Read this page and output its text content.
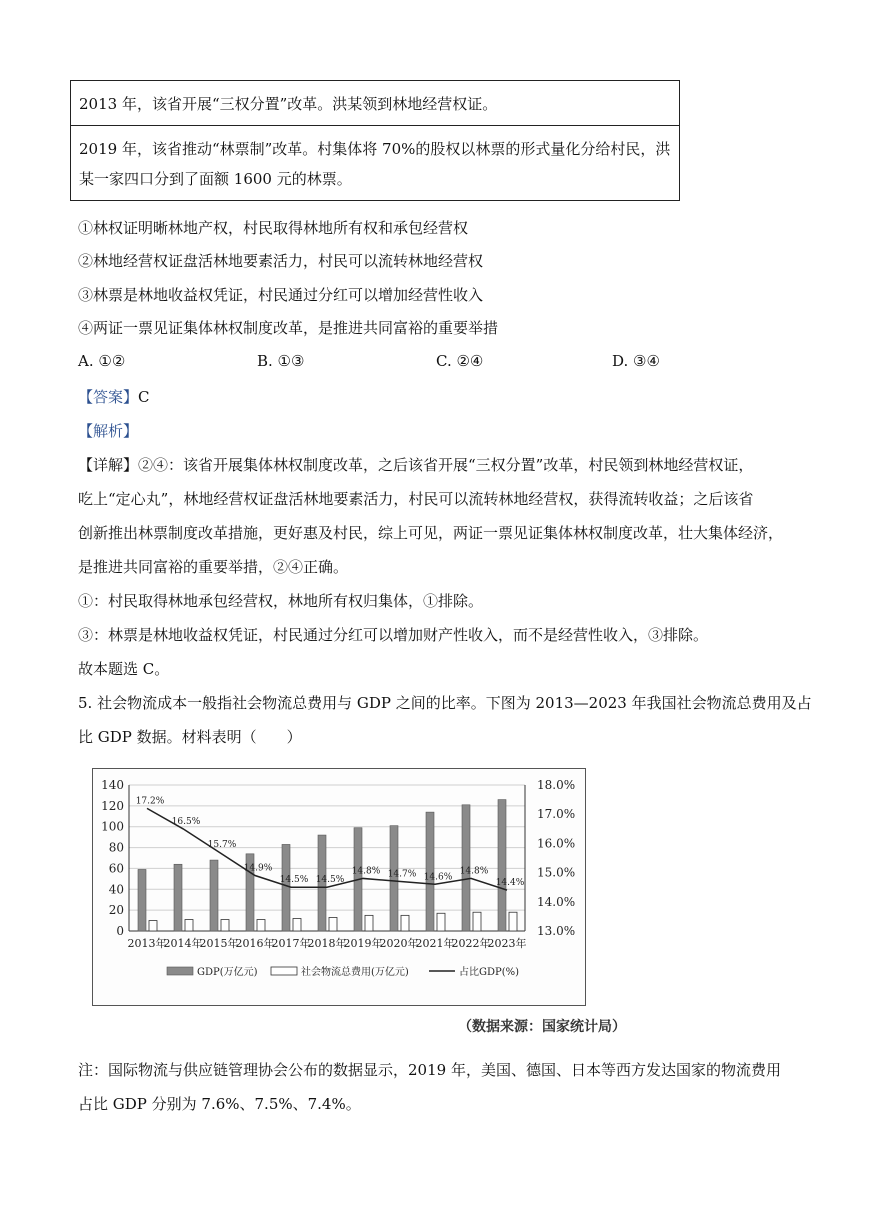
2013 年，该省开展“三权分置”改革。洪某领到林地经营权证。
2019 年，该省推动“林票制”改革。村集体将 70%的股权以林票的形式量化分给村民，洪
某一家四口分到了面额 1600 元的林票。
①林权证明晰林地产权，村民取得林地所有权和承包经营权
②林地经营权证盘活林地要素活力，村民可以流转林地经营权
③林票是林地收益权凭证，村民通过分红可以增加经营性收入
④两证一票见证集体林权制度改革，是推进共同富裕的重要举措
A. ①②	B. ①③	C. ②④	D. ③④
【答案】C
【解析】
【详解】②④：该省开展集体林权制度改革，之后该省开展“三权分置”改革，村民领到林地经营权证，
吃上“定心丸”，林地经营权证盘活林地要素活力，村民可以流转林地经营权，获得流转收益；之后该省
创新推出林票制度改革措施，更好惠及村民，综上可见，两证一票见证集体林权制度改革，壮大集体经济，
是推进共同富裕的重要举措，②④正确。
①：村民取得林地承包经营权，林地所有权归集体，①排除。
③：林票是林地收益权凭证，村民通过分红可以增加财产性收入，而不是经营性收入，③排除。
故本题选 C。
5. 社会物流成本一般指社会物流总费用与 GDP 之间的比率。下图为 2013—2023 年我国社会物流总费用及占
比 GDP 数据。材料表明（　　）
0
20
40
60
80
100
120
140
13.0%
14.0%
15.0%
16.0%
17.0%
18.0%
17.2%
16.5%
15.7%
14.9%
14.5% 14.5%
14.8% 14.7% 14.6%
14.8%
14.4%
2013年
2014年
2015年
2016年
2017年
2018年
2019年
2020年
2021年
2022年
2023年
GDP(万亿元)	社会物流总费用(万亿元)	占比GDP(%)
（数据来源：国家统计局）
注：国际物流与供应链管理协会公布的数据显示，2019 年，美国、德国、日本等西方发达国家的物流费用
占比 GDP 分别为 7.6%、7.5%、7.4%。
